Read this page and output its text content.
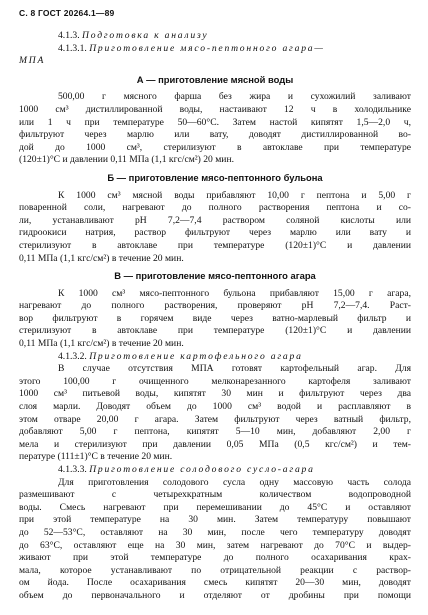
С. 8 ГОСТ 20264.1—89
4.1.3. Подготовка к анализу
4.1.3.1. Приготовление мясо-пептонного агара—
МПА
А — приготовление мясной воды
500,00 г мясного фарша без жира и сухожилий заливают
1000 см³ дистиллированной воды, настаивают 12 ч в холодильнике
или 1 ч при температуре 50—60°С. Затем настой кипятят 1,5—2,0 ч,
фильтруют через марлю или вату, доводят дистиллированной во-
дой до 1000 см³, стерилизуют в автоклаве при температуре
(120±1)°С и давлении 0,11 МПа (1,1 кгс/см²) 20 мин.
Б — приготовление мясо-пептонного бульона
К 1000 см³ мясной воды прибавляют 10,00 г пептона и 5,00 г
поваренной соли, нагревают до полного растворения пептона и со-
ли, устанавливают рН 7,2—7,4 раствором соляной кислоты или
гидроокиси натрия, раствор фильтруют через марлю или вату и
стерилизуют в автоклаве при температуре (120±1)°С и давлении
0,11 МПа (1,1 кгс/см²) в течение 20 мин.
В — приготовление мясо-пептонного агара
К 1000 см³ мясо-пептонного бульона прибавляют 15,00 г агара,
нагревают до полного растворения, проверяют рН 7,2—7,4. Раст-
вор фильтруют в горячем виде через ватно-марлевый фильтр и
стерилизуют в автоклаве при температуре (120±1)°С и давлении
0,11 МПа (1,1 кгс/см²) в течение 20 мин.
4.1.3.2. Приготовление картофельного агара
В случае отсутствия МПА готовят картофельный агар. Для
этого 100,00 г очищенного мелконарезанного картофеля заливают
1000 см³ питьевой воды, кипятят 30 мин и фильтруют через два
слоя марли. Доводят объем до 1000 см³ водой и расплавляют в
этом отваре 20,00 г агара. Затем фильтруют через ватный фильтр,
добавляют 5,00 г пептона, кипятят 5—10 мин, добавляют 2,00 г
мела и стерилизуют при давлении 0,05 МПа (0,5 кгс/см²) и тем-
пературе (111±1)°С в течение 20 мин.
4.1.3.3. Приготовление солодового сусло-агара
Для приготовления солодового сусла одну массовую часть солода
размешивают с четырехкратным количеством водопроводной
воды. Смесь нагревают при перемешивании до 45°С и оставляют
при этой температуре на 30 мин. Затем температуру повышают
до 52—53°С, оставляют на 30 мин, после чего температуру доводят
до 63°С, оставляют еще на 30 мин, затем нагревают до 70°С и выдер-
живают при этой температуре до полного осахаривания крах-
мала, которое устанавливают по отрицательной реакции с раствор-
ом йода. После осахаривания смесь кипятят 20—30 мин, доводят
объем до первоначального и отделяют от дробины при помощи
